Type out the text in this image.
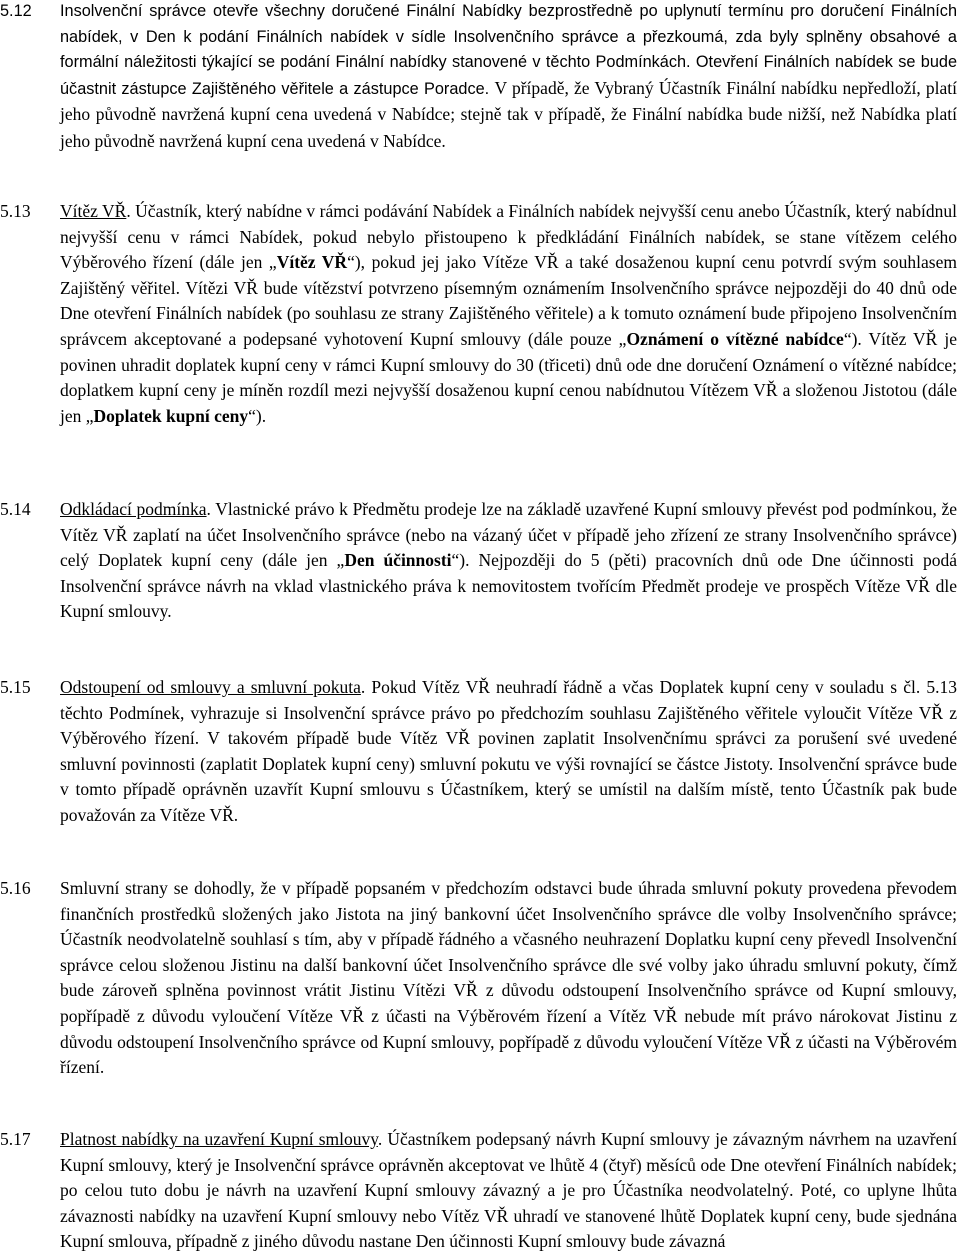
5.12 Insolvenční správce otevře všechny doručené Finální Nabídky bezprostředně po uplynutí termínu pro doručení Finálních nabídek, v Den k podání Finálních nabídek v sídle Insolvenčního správce a přezkoumá, zda byly splněny obsahové a formální náležitosti týkající se podání Finální nabídky stanovené v těchto Podmínkách. Otevření Finálních nabídek se bude účastnit zástupce Zajištěného věřitele a zástupce Poradce. V případě, že Vybraný Účastník Finální nabídku nepředloží, platí jeho původně navržená kupní cena uvedená v Nabídce; stejně tak v případě, že Finální nabídka bude nižší, než Nabídka platí jeho původně navržená kupní cena uvedená v Nabídce.
5.13 Vítěz VŘ. Účastník, který nabídne v rámci podávání Nabídek a Finálních nabídek nejvyšší cenu anebo Účastník, který nabídnul nejvyšší cenu v rámci Nabídek, pokud nebylo přistoupeno k předkládání Finálních nabídek, se stane vítězem celého Výběrového řízení (dále jen „Vítěz VŘ“), pokud jej jako Vítěze VŘ a také dosaženou kupní cenu potvrdí svým souhlasem Zajištěný věřitel. Vítězi VŘ bude vítězství potvrzeno písemným oznámením Insolvenčního správce nejpozději do 40 dnů ode Dne otevření Finálních nabídek (po souhlasu ze strany Zajištěného věřitele) a k tomuto oznámení bude připojeno Insolvenčním správcem akceptované a podepsané vyhotovení Kupní smlouvy (dále pouze „Oznámení o vítězné nabídce“). Vítěz VŘ je povinen uhradit doplatek kupní ceny v rámci Kupní smlouvy do 30 (třiceti) dnů ode dne doručení Oznámení o vítězné nabídce; doplatkem kupní ceny je míněn rozdíl mezi nejvyšší dosaženou kupní cenou nabídnutou Vítězem VŘ a složenou Jistotou (dále jen „Doplatek kupní ceny“).
5.14 Odkládací podmínka. Vlastnické právo k Předmětu prodeje lze na základě uzavřené Kupní smlouvy převést pod podmínkou, že Vítěz VŘ zaplatí na účet Insolvenčního správce (nebo na vázaný účet v případě jeho zřízení ze strany Insolvenčního správce) celý Doplatek kupní ceny (dále jen „Den účinnosti“). Nejpozději do 5 (pěti) pracovních dnů ode Dne účinnosti podá Insolvenční správce návrh na vklad vlastnického práva k nemovitostem tvořícím Předmět prodeje ve prospěch Vítěze VŘ dle Kupní smlouvy.
5.15 Odstoupení od smlouvy a smluvní pokuta. Pokud Vítěz VŘ neuhradí řádně a včas Doplatek kupní ceny v souladu s čl. 5.13 těchto Podmínek, vyhrazuje si Insolvenční správce právo po předchozím souhlasu Zajištěného věřitele vyloučit Vítěze VŘ z Výběrového řízení. V takovém případě bude Vítěz VŘ povinen zaplatit Insolvenčnímu správci za porušení své uvedené smluvní povinnosti (zaplatit Doplatek kupní ceny) smluvní pokutu ve výši rovnající se částce Jistoty. Insolvenční správce bude v tomto případě oprávněn uzavřít Kupní smlouvu s Účastníkem, který se umístil na dalším místě, tento Účastník pak bude považován za Vítěze VŘ.
5.16 Smluvní strany se dohodly, že v případě popsaném v předchozím odstavci bude úhrada smluvní pokuty provedena převodem finančních prostředků složených jako Jistota na jiný bankovní účet Insolvenčního správce dle volby Insolvenčního správce; Účastník neodvolatelně souhlasí s tím, aby v případě řádného a včasného neuhrazení Doplatku kupní ceny převedl Insolvenční správce celou složenou Jistinu na další bankovní účet Insolvenčního správce dle své volby jako úhradu smluvní pokuty, čímž bude zároveň splněna povinnost vrátit Jistinu Vítězi VŘ z důvodu odstoupení Insolvenčního správce od Kupní smlouvy, popřípadě z důvodu vyloučení Vítěze VŘ z účasti na Výběrovém řízení a Vítěz VŘ nebude mít právo nárokovat Jistinu z důvodu odstoupení Insolvenčního správce od Kupní smlouvy, popřípadě z důvodu vyloučení Vítěze VŘ z účasti na Výběrovém řízení.
5.17 Platnost nabídky na uzavření Kupní smlouvy. Účastníkem podepsaný návrh Kupní smlouvy je závazným návrhem na uzavření Kupní smlouvy, který je Insolvenční správce oprávněn akceptovat ve lhůtě 4 (čtyř) měsíců ode Dne otevření Finálních nabídek; po celou tuto dobu je návrh na uzavření Kupní smlouvy závazný a je pro Účastníka neodvolatelný. Poté, co uplyne lhůta závaznosti nabídky na uzavření Kupní smlouvy nebo Vítěz VŘ uhradí ve stanovené lhůtě Doplatek kupní ceny, bude sjednána Kupní smlouva, případně z jiného důvodu nastane Den účinnosti Kupní smlouvy bude závazná
